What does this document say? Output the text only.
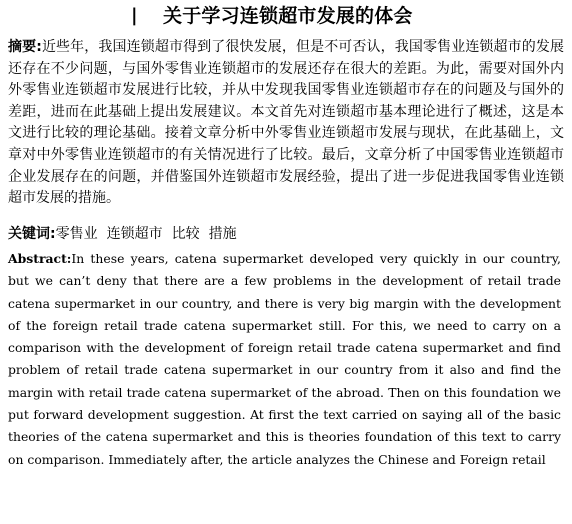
| 关于学习连锁超市发展的体会
摘要:近些年，我国连锁超市得到了很快发展，但是不可否认，我国零售业连锁超市的发展还存在不少问题，与国外零售业连锁超市的发展还存在很大的差距。为此，需要对国外内外零售业连锁超市发展进行比较，并从中发现我国零售业连锁超市存在的问题及与国外的差距，进而在此基础上提出发展建议。本文首先对连锁超市基本理论进行了概述，这是本文进行比较的理论基础。接着文章分析中外零售业连锁超市发展与现状，在此基础上，文章对中外零售业连锁超市的有关情况进行了比较。最后，文章分析了中国零售业连锁超市企业发展存在的问题，并借鉴国外连锁超市发展经验，提出了进一步促进我国零售业连锁超市发展的措施。
关键词:零售业 连锁超市 比较 措施
Abstract:In these years, catena supermarket developed very quickly in our country, but we can’t deny that there are a few problems in the development of retail trade catena supermarket in our country, and there is very big margin with the development of the foreign retail trade catena supermarket still. For this, we need to carry on a comparison with the development of foreign retail trade catena supermarket and find problem of retail trade catena supermarket in our country from it also and find the margin with retail trade catena supermarket of the abroad. Then on this foundation we put forward development suggestion. At first the text carried on saying all of the basic theories of the catena supermarket and this is theories foundation of this text to carry on comparison. Immediately after, the article analyzes the Chinese and Foreign retail
